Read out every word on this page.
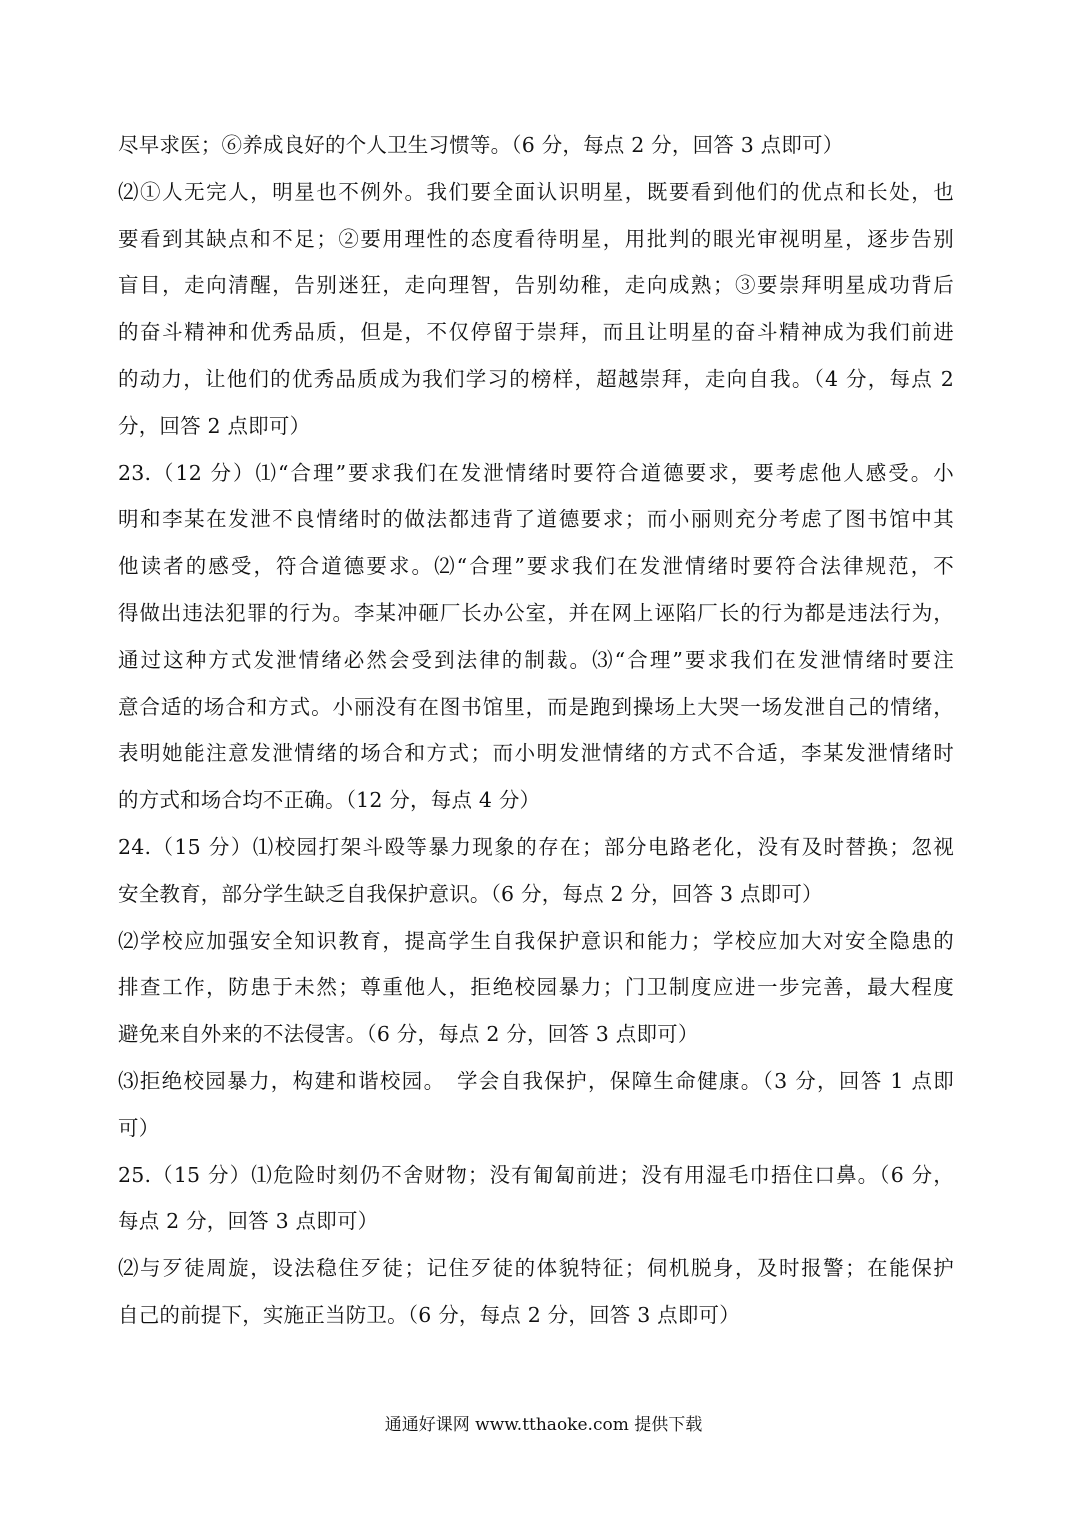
尽早求医；⑥养成良好的个人卫生习惯等。（6 分，每点 2 分，回答 3 点即可）
⑵①人无完人，明星也不例外。我们要全面认识明星，既要看到他们的优点和长处，也
要看到其缺点和不足；②要用理性的态度看待明星，用批判的眼光审视明星，逐步告别
盲目，走向清醒，告别迷狂，走向理智，告别幼稚，走向成熟；③要崇拜明星成功背后
的奋斗精神和优秀品质，但是，不仅停留于崇拜，而且让明星的奋斗精神成为我们前进
的动力，让他们的优秀品质成为我们学习的榜样，超越崇拜，走向自我。（4 分，每点 2
分，回答 2 点即可）
23.（12 分）⑴“合理”要求我们在发泄情绪时要符合道德要求，要考虑他人感受。小
明和李某在发泄不良情绪时的做法都违背了道德要求；而小丽则充分考虑了图书馆中其
他读者的感受，符合道德要求。⑵“合理”要求我们在发泄情绪时要符合法律规范，不
得做出违法犯罪的行为。李某冲砸厂长办公室，并在网上诬陷厂长的行为都是违法行为，
通过这种方式发泄情绪必然会受到法律的制裁。⑶“合理”要求我们在发泄情绪时要注
意合适的场合和方式。小丽没有在图书馆里，而是跑到操场上大哭一场发泄自己的情绪，
表明她能注意发泄情绪的场合和方式；而小明发泄情绪的方式不合适，李某发泄情绪时
的方式和场合均不正确。（12 分，每点 4 分）
24.（15 分）⑴校园打架斗殴等暴力现象的存在；部分电路老化，没有及时替换；忽视
安全教育，部分学生缺乏自我保护意识。（6 分，每点 2 分，回答 3 点即可）
⑵学校应加强安全知识教育，提高学生自我保护意识和能力；学校应加大对安全隐患的
排查工作，防患于未然；尊重他人，拒绝校园暴力；门卫制度应进一步完善，最大程度
避免来自外来的不法侵害。（6 分，每点 2 分，回答 3 点即可）
⑶拒绝校园暴力，构建和谐校园。　学会自我保护，保障生命健康。（3 分，回答 1 点即
可）
25.（15 分）⑴危险时刻仍不舍财物；没有匍匐前进；没有用湿毛巾捂住口鼻。（6 分，
每点 2 分，回答 3 点即可）
⑵与歹徒周旋，设法稳住歹徒；记住歹徒的体貌特征；伺机脱身，及时报警；在能保护
自己的前提下，实施正当防卫。（6 分，每点 2 分，回答 3 点即可）
通通好课网 www.tthaoke.com 提供下载
